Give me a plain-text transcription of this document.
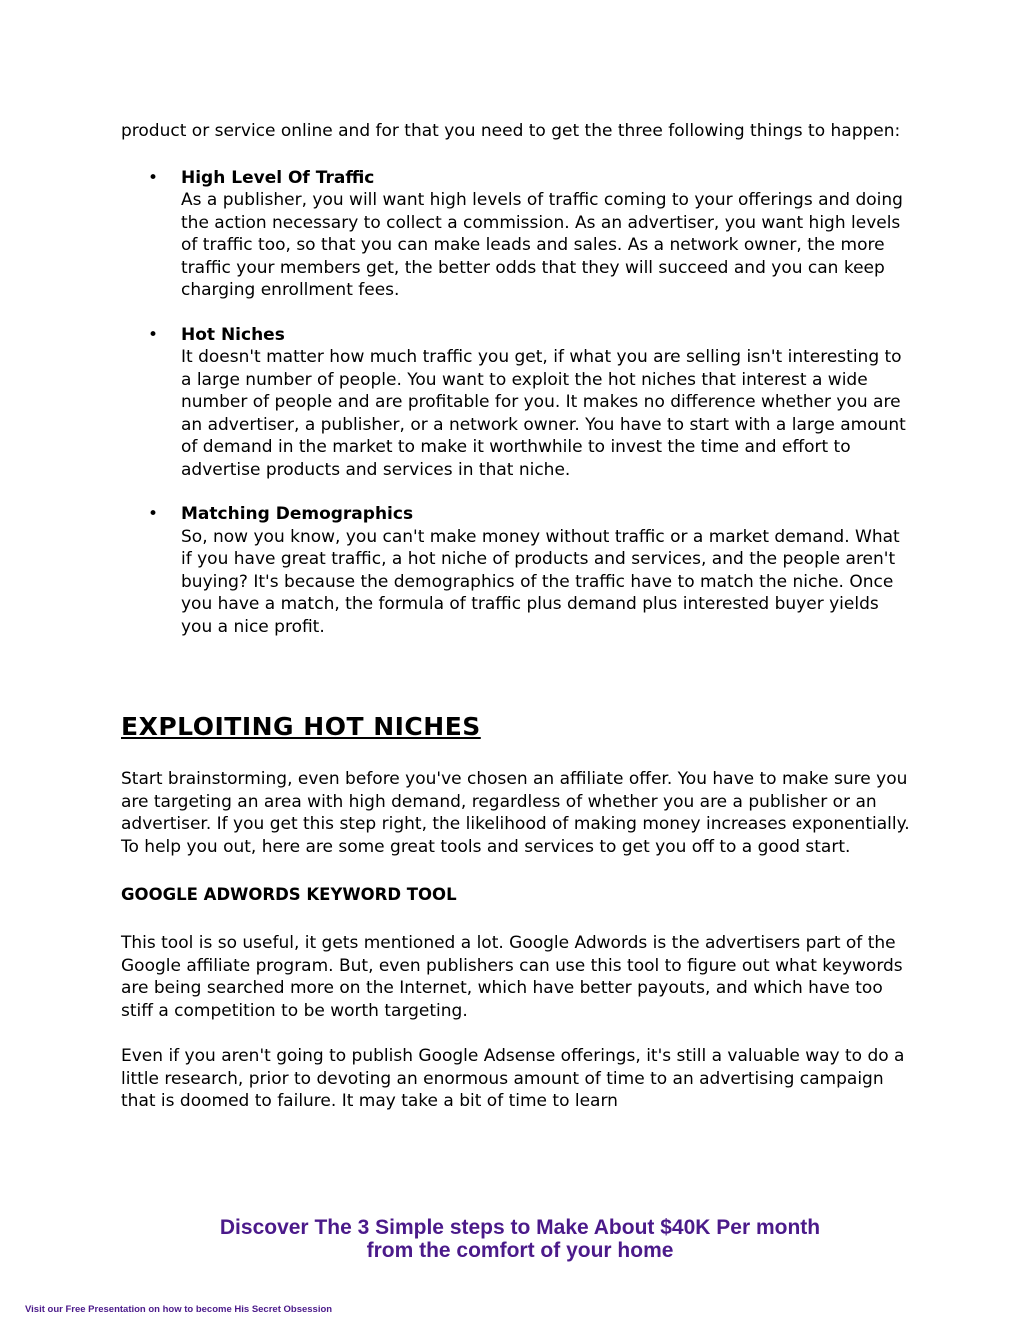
product or service online and for that you need to get the three following things to happen:

• High Level Of Traffic
As a publisher, you will want high levels of traffic coming to your offerings and doing the action necessary to collect a commission. As an advertiser, you want high levels of traffic too, so that you can make leads and sales. As a network owner, the more traffic your members get, the better odds that they will succeed and you can keep charging enrollment fees.
• Hot Niches
It doesn't matter how much traffic you get, if what you are selling isn't interesting to a large number of people. You want to exploit the hot niches that interest a wide number of people and are profitable for you. It makes no difference whether you are an advertiser, a publisher, or a network owner. You have to start with a large amount of demand in the market to make it worthwhile to invest the time and effort to advertise products and services in that niche.
• Matching Demographics
So, now you know, you can't make money without traffic or a market demand. What if you have great traffic, a hot niche of products and services, and the people aren't buying? It's because the demographics of the traffic have to match the niche. Once you have a match, the formula of traffic plus demand plus interested buyer yields you a nice profit.
EXPLOITING HOT NICHES

Start brainstorming, even before you've chosen an affiliate offer. You have to make sure you are targeting an area with high demand, regardless of whether you are a publisher or an advertiser. If you get this step right, the likelihood of making money increases exponentially. To help you out, here are some great tools and services to get you off to a good start.

GOOGLE ADWORDS KEYWORD TOOL

This tool is so useful, it gets mentioned a lot. Google Adwords is the advertisers part of the Google affiliate program. But, even publishers can use this tool to figure out what keywords are being searched more on the Internet, which have better payouts, and which have too stiff a competition to be worth targeting.

Even if you aren't going to publish Google Adsense offerings, it's still a valuable way to do a little research, prior to devoting an enormous amount of time to an advertising campaign that is doomed to failure. It may take a bit of time to learn

Discover The 3 Simple steps to Make About $40K Per month
from the comfort of your home
Visit our Free Presentation on how to become His Secret Obsession
